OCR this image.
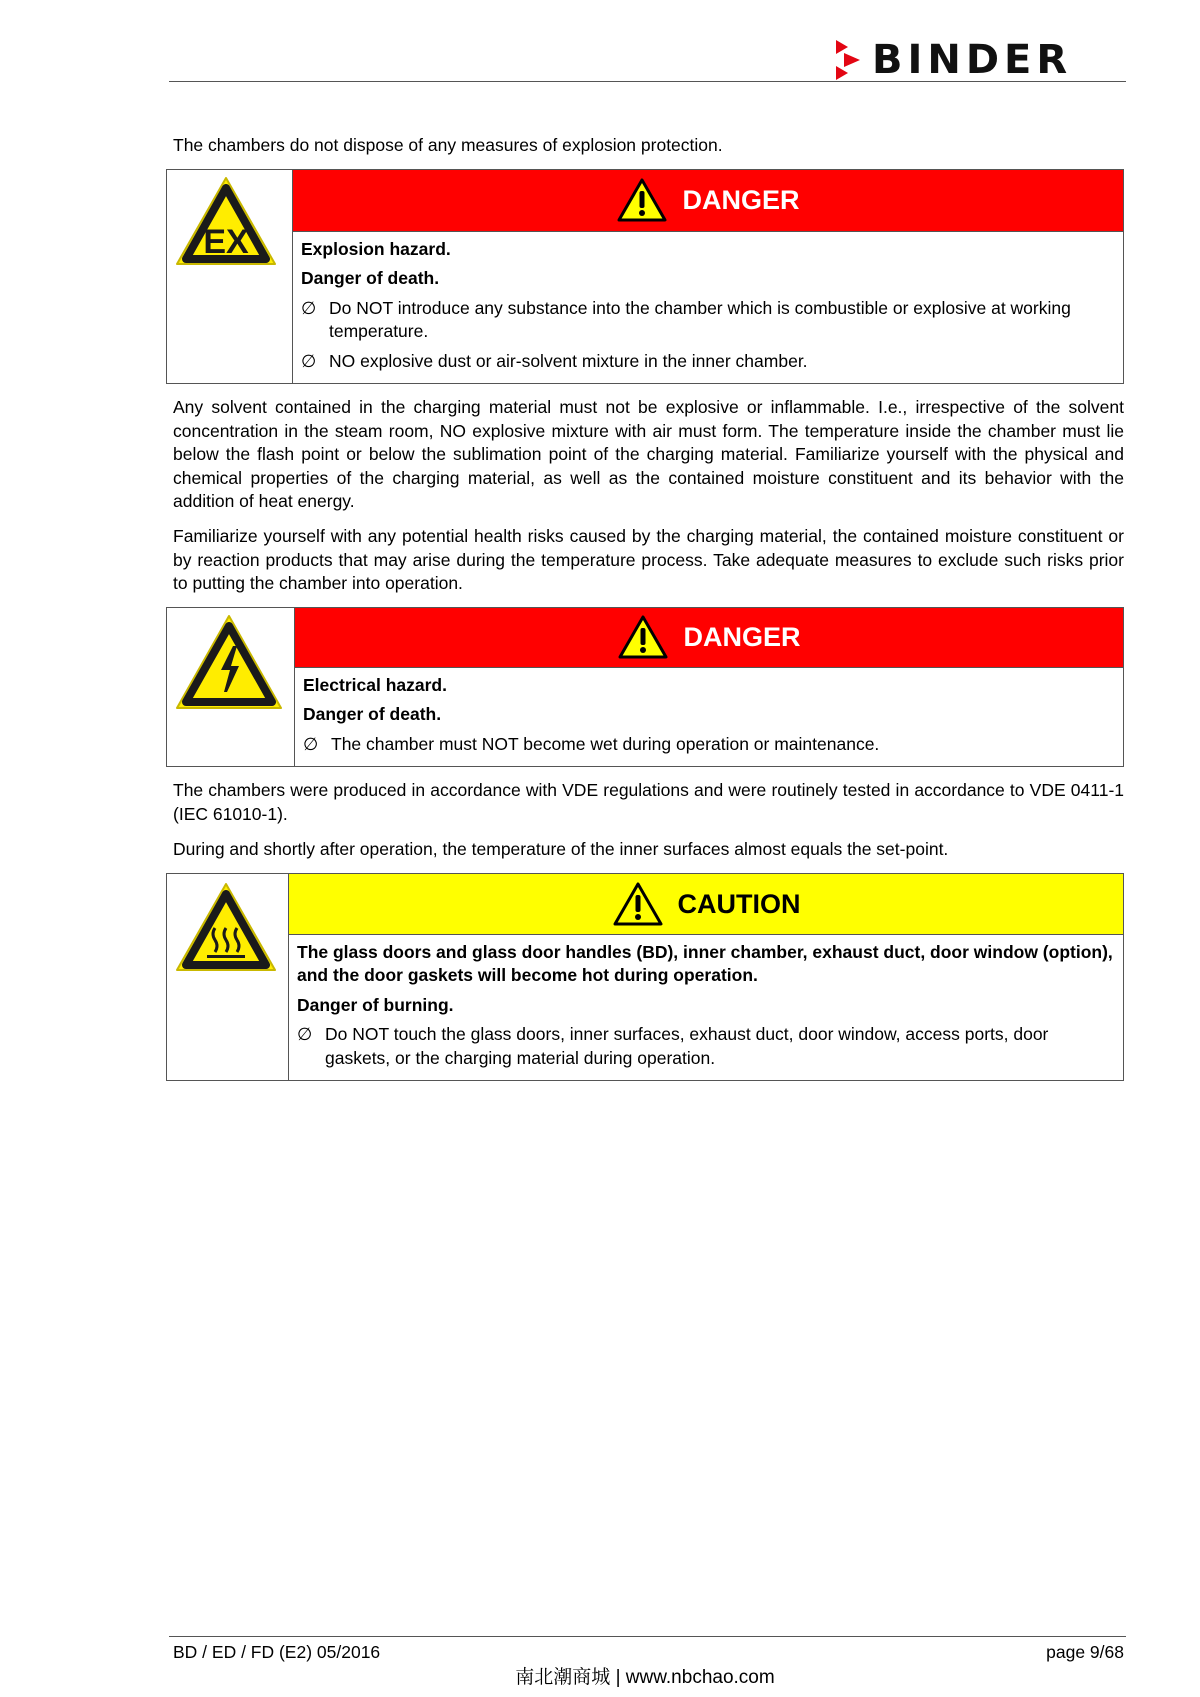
BINDER
The chambers do not dispose of any measures of explosion protection.
EX
DANGER
Explosion hazard.
Danger of death.
∅ Do NOT introduce any substance into the chamber which is combustible or explosive at working temperature.
∅ NO explosive dust or air-solvent mixture in the inner chamber.
Any solvent contained in the charging material must not be explosive or inflammable. I.e., irrespective of the solvent concentration in the steam room, NO explosive mixture with air must form. The temperature inside the chamber must lie below the flash point or below the sublimation point of the charging material. Familiarize yourself with the physical and chemical properties of the charging material, as well as the contained moisture constituent and its behavior with the addition of heat energy.
Familiarize yourself with any potential health risks caused by the charging material, the contained moisture constituent or by reaction products that may arise during the temperature process. Take adequate measures to exclude such risks prior to putting the chamber into operation.
DANGER
Electrical hazard.
Danger of death.
∅ The chamber must NOT become wet during operation or maintenance.
The chambers were produced in accordance with VDE regulations and were routinely tested in accordance to VDE 0411-1 (IEC 61010-1).
During and shortly after operation, the temperature of the inner surfaces almost equals the set-point.
CAUTION
The glass doors and glass door handles (BD), inner chamber, exhaust duct, door window (option), and the door gaskets will become hot during operation.
Danger of burning.
∅ Do NOT touch the glass doors, inner surfaces, exhaust duct, door window, access ports, door gaskets, or the charging material during operation.
BD / ED / FD (E2) 05/2016	page 9/68
南北潮商城 | www.nbchao.com
